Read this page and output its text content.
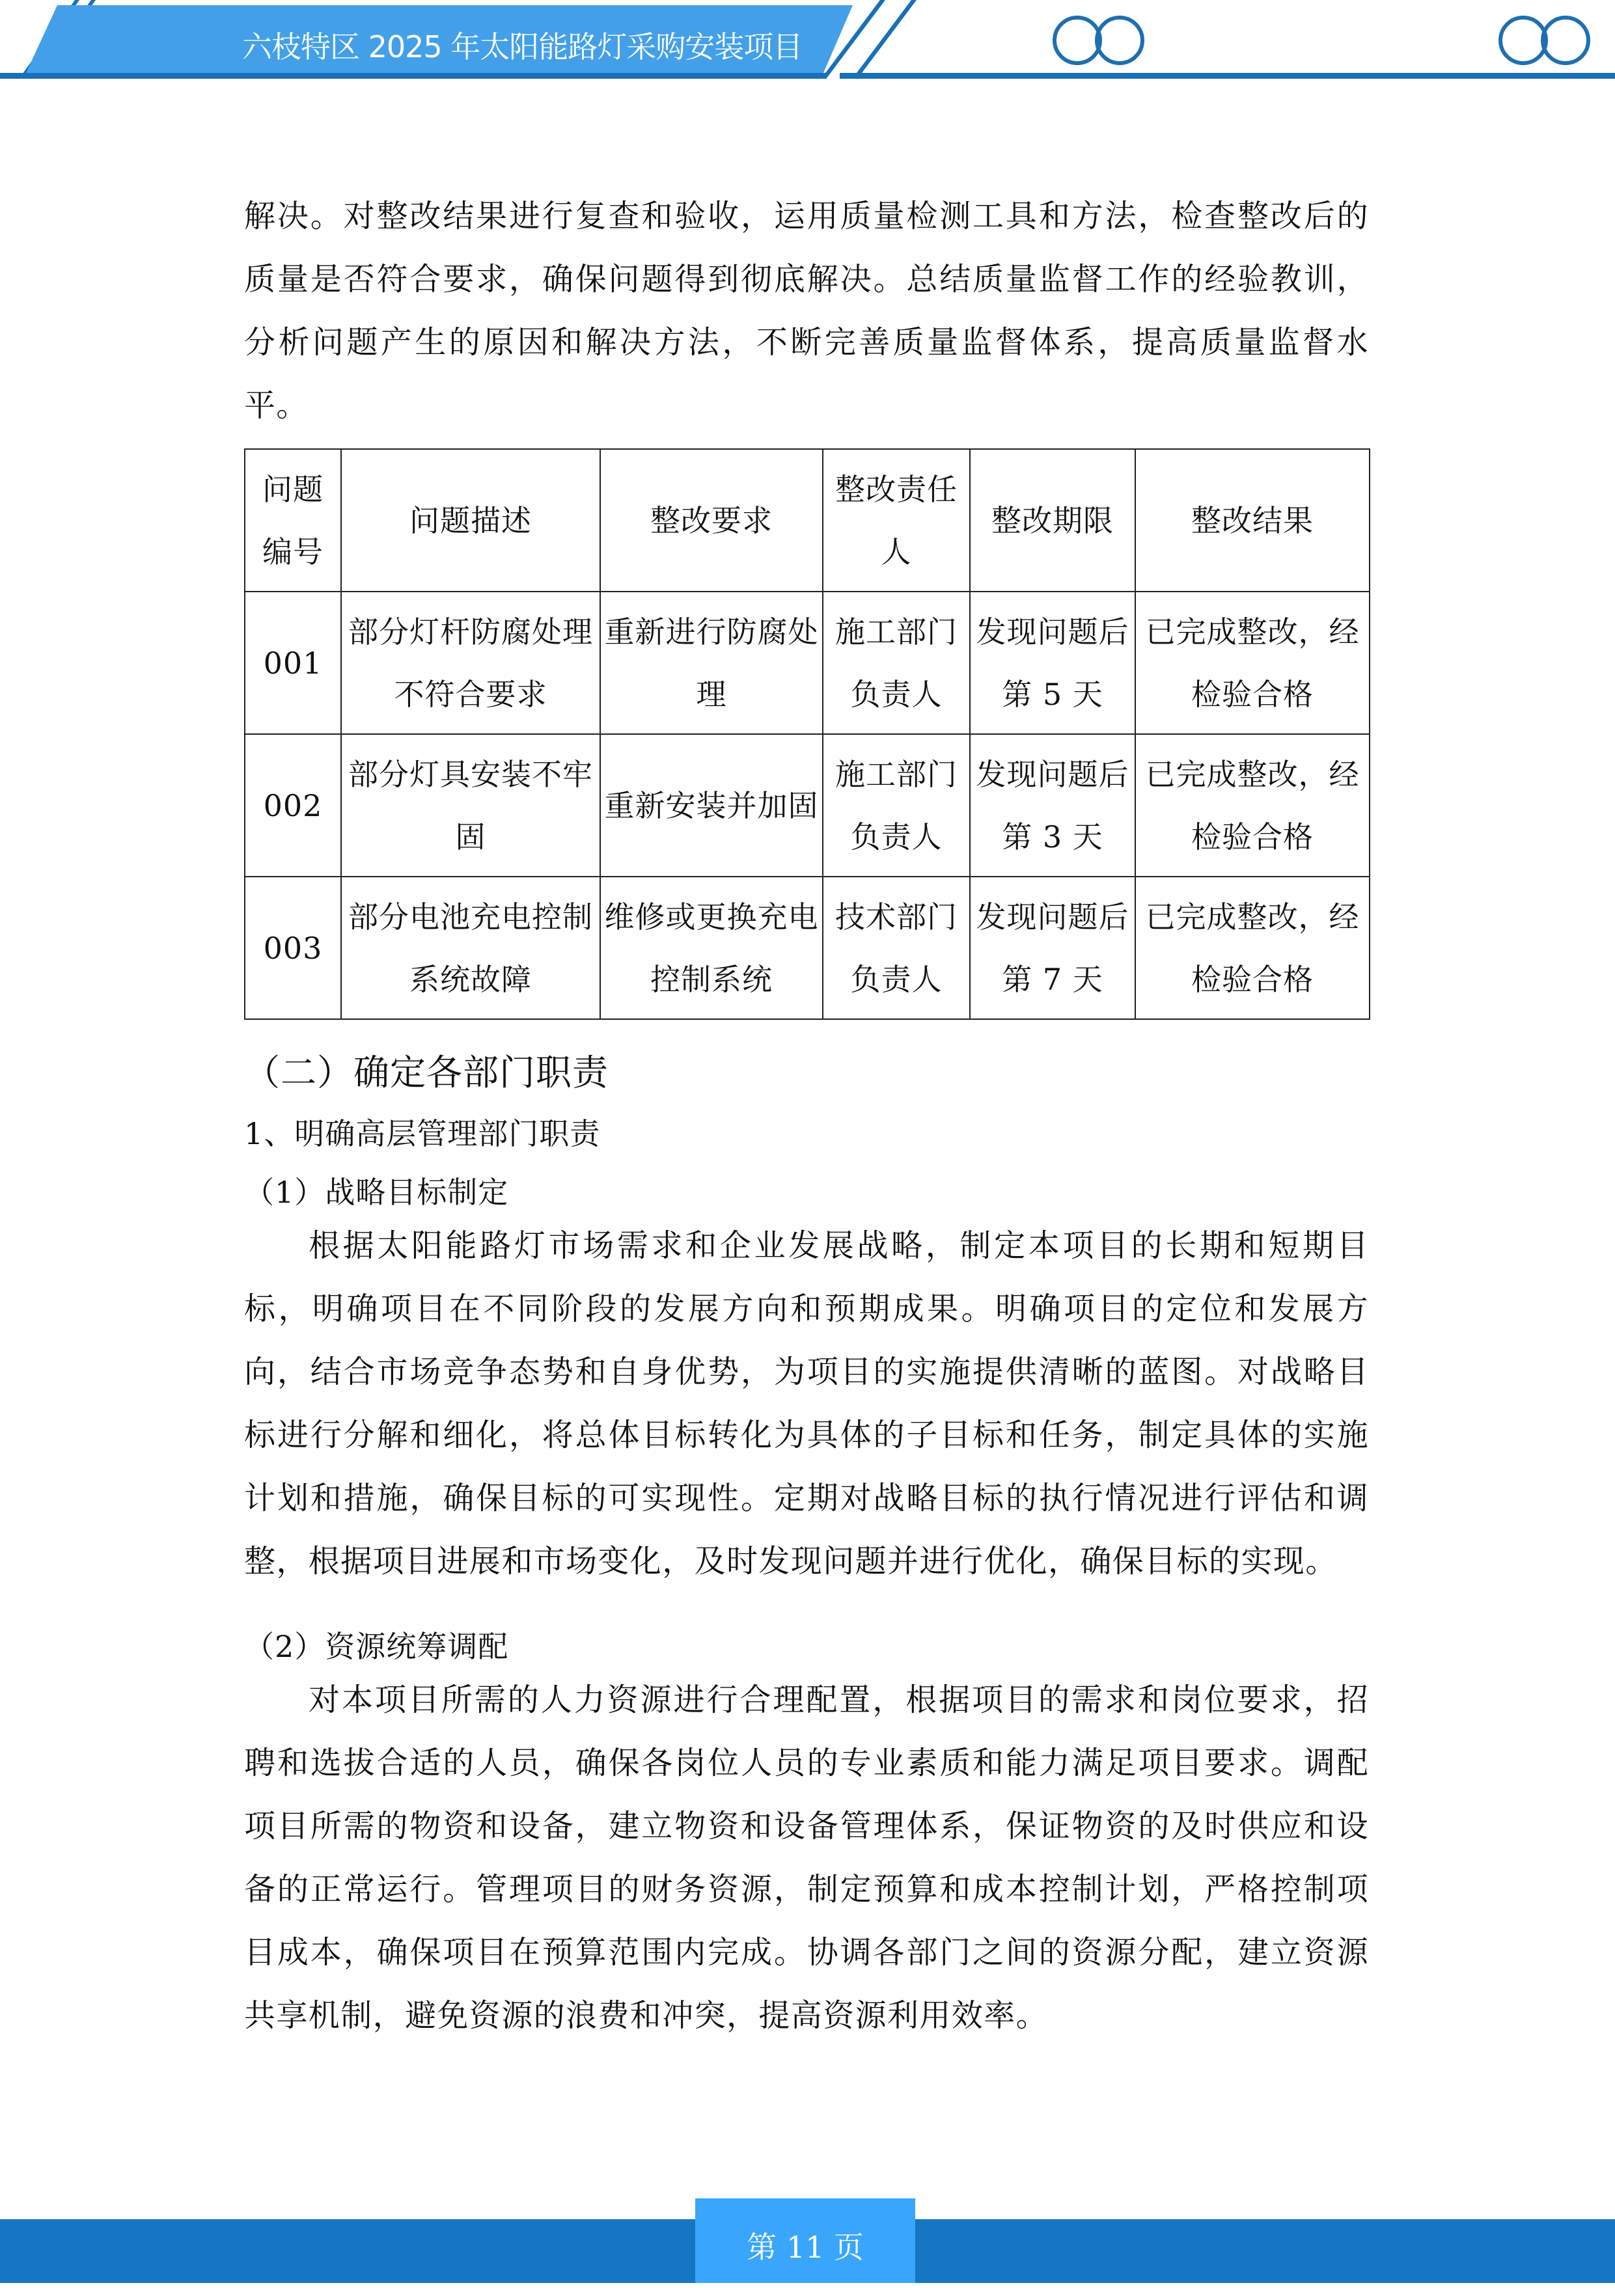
六枝特区 2025 年太阳能路灯采购安装项目
解决。对整改结果进行复查和验收，运用质量检测工具和方法，检查整改后的质量是否符合要求，确保问题得到彻底解决。总结质量监督工作的经验教训，分析问题产生的原因和解决方法，不断完善质量监督体系，提高质量监督水平。
问题编号	问题描述	整改要求	整改责任人	整改期限	整改结果
001	部分灯杆防腐处理不符合要求	重新进行防腐处理	施工部门负责人	发现问题后第 5 天	已完成整改，经检验合格
002	部分灯具安装不牢固	重新安装并加固	施工部门负责人	发现问题后第 3 天	已完成整改，经检验合格
003	部分电池充电控制系统故障	维修或更换充电控制系统	技术部门负责人	发现问题后第 7 天	已完成整改，经检验合格
（二）确定各部门职责
1、明确高层管理部门职责
（1）战略目标制定
根据太阳能路灯市场需求和企业发展战略，制定本项目的长期和短期目标，明确项目在不同阶段的发展方向和预期成果。明确项目的定位和发展方向，结合市场竞争态势和自身优势，为项目的实施提供清晰的蓝图。对战略目标进行分解和细化，将总体目标转化为具体的子目标和任务，制定具体的实施计划和措施，确保目标的可实现性。定期对战略目标的执行情况进行评估和调整，根据项目进展和市场变化，及时发现问题并进行优化，确保目标的实现。
（2）资源统筹调配
对本项目所需的人力资源进行合理配置，根据项目的需求和岗位要求，招聘和选拔合适的人员，确保各岗位人员的专业素质和能力满足项目要求。调配项目所需的物资和设备，建立物资和设备管理体系，保证物资的及时供应和设备的正常运行。管理项目的财务资源，制定预算和成本控制计划，严格控制项目成本，确保项目在预算范围内完成。协调各部门之间的资源分配，建立资源共享机制，避免资源的浪费和冲突，提高资源利用效率。
第 11 页
